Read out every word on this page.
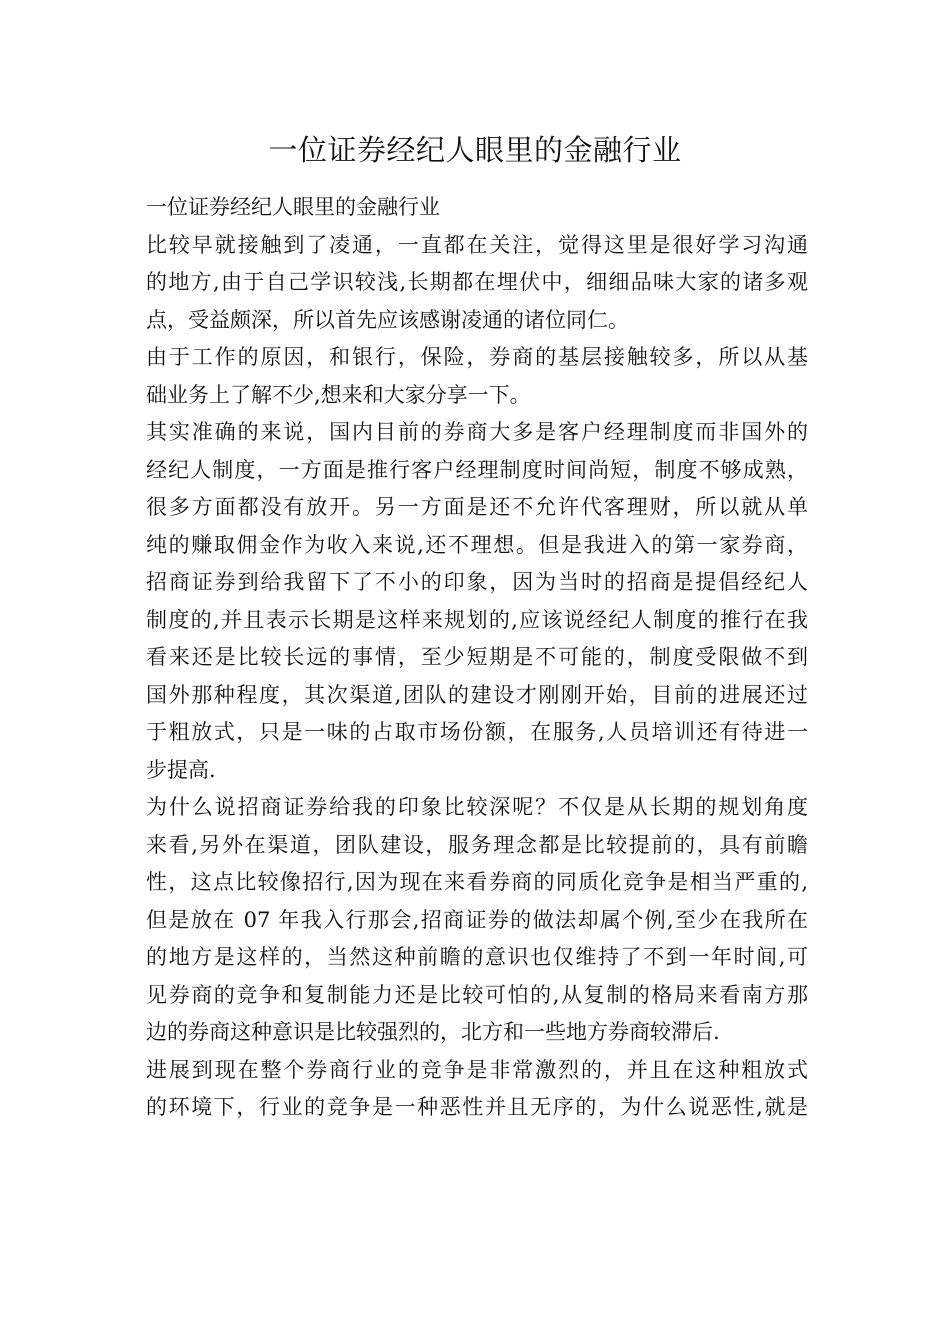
一位证券经纪人眼里的金融行业

一位证券经纪人眼里的金融行业

比较早就接触到了凌通，一直都在关注，觉得这里是很好学习沟通
的地方,由于自己学识较浅,长期都在埋伏中，细细品味大家的诸多观
点，受益颇深，所以首先应该感谢凌通的诸位同仁。

由于工作的原因，和银行，保险，券商的基层接触较多，所以从基
础业务上了解不少,想来和大家分享一下。

其实准确的来说，国内目前的券商大多是客户经理制度而非国外的
经纪人制度，一方面是推行客户经理制度时间尚短，制度不够成熟，
很多方面都没有放开。另一方面是还不允许代客理财，所以就从单
纯的赚取佣金作为收入来说,还不理想。但是我进入的第一家券商，
招商证券到给我留下了不小的印象，因为当时的招商是提倡经纪人
制度的,并且表示长期是这样来规划的,应该说经纪人制度的推行在我
看来还是比较长远的事情，至少短期是不可能的，制度受限做不到
国外那种程度，其次渠道,团队的建设才刚刚开始，目前的进展还过
于粗放式，只是一味的占取市场份额，在服务,人员培训还有待进一
步提高.

为什么说招商证券给我的印象比较深呢？不仅是从长期的规划角度
来看,另外在渠道，团队建设，服务理念都是比较提前的，具有前瞻
性，这点比较像招行,因为现在来看券商的同质化竞争是相当严重的,
但是放在 07 年我入行那会,招商证券的做法却属个例,至少在我所在
的地方是这样的，当然这种前瞻的意识也仅维持了不到一年时间,可
见券商的竞争和复制能力还是比较可怕的,从复制的格局来看南方那
边的券商这种意识是比较强烈的，北方和一些地方券商较滞后.

进展到现在整个券商行业的竞争是非常激烈的，并且在这种粗放式
的环境下，行业的竞争是一种恶性并且无序的，为什么说恶性,就是
